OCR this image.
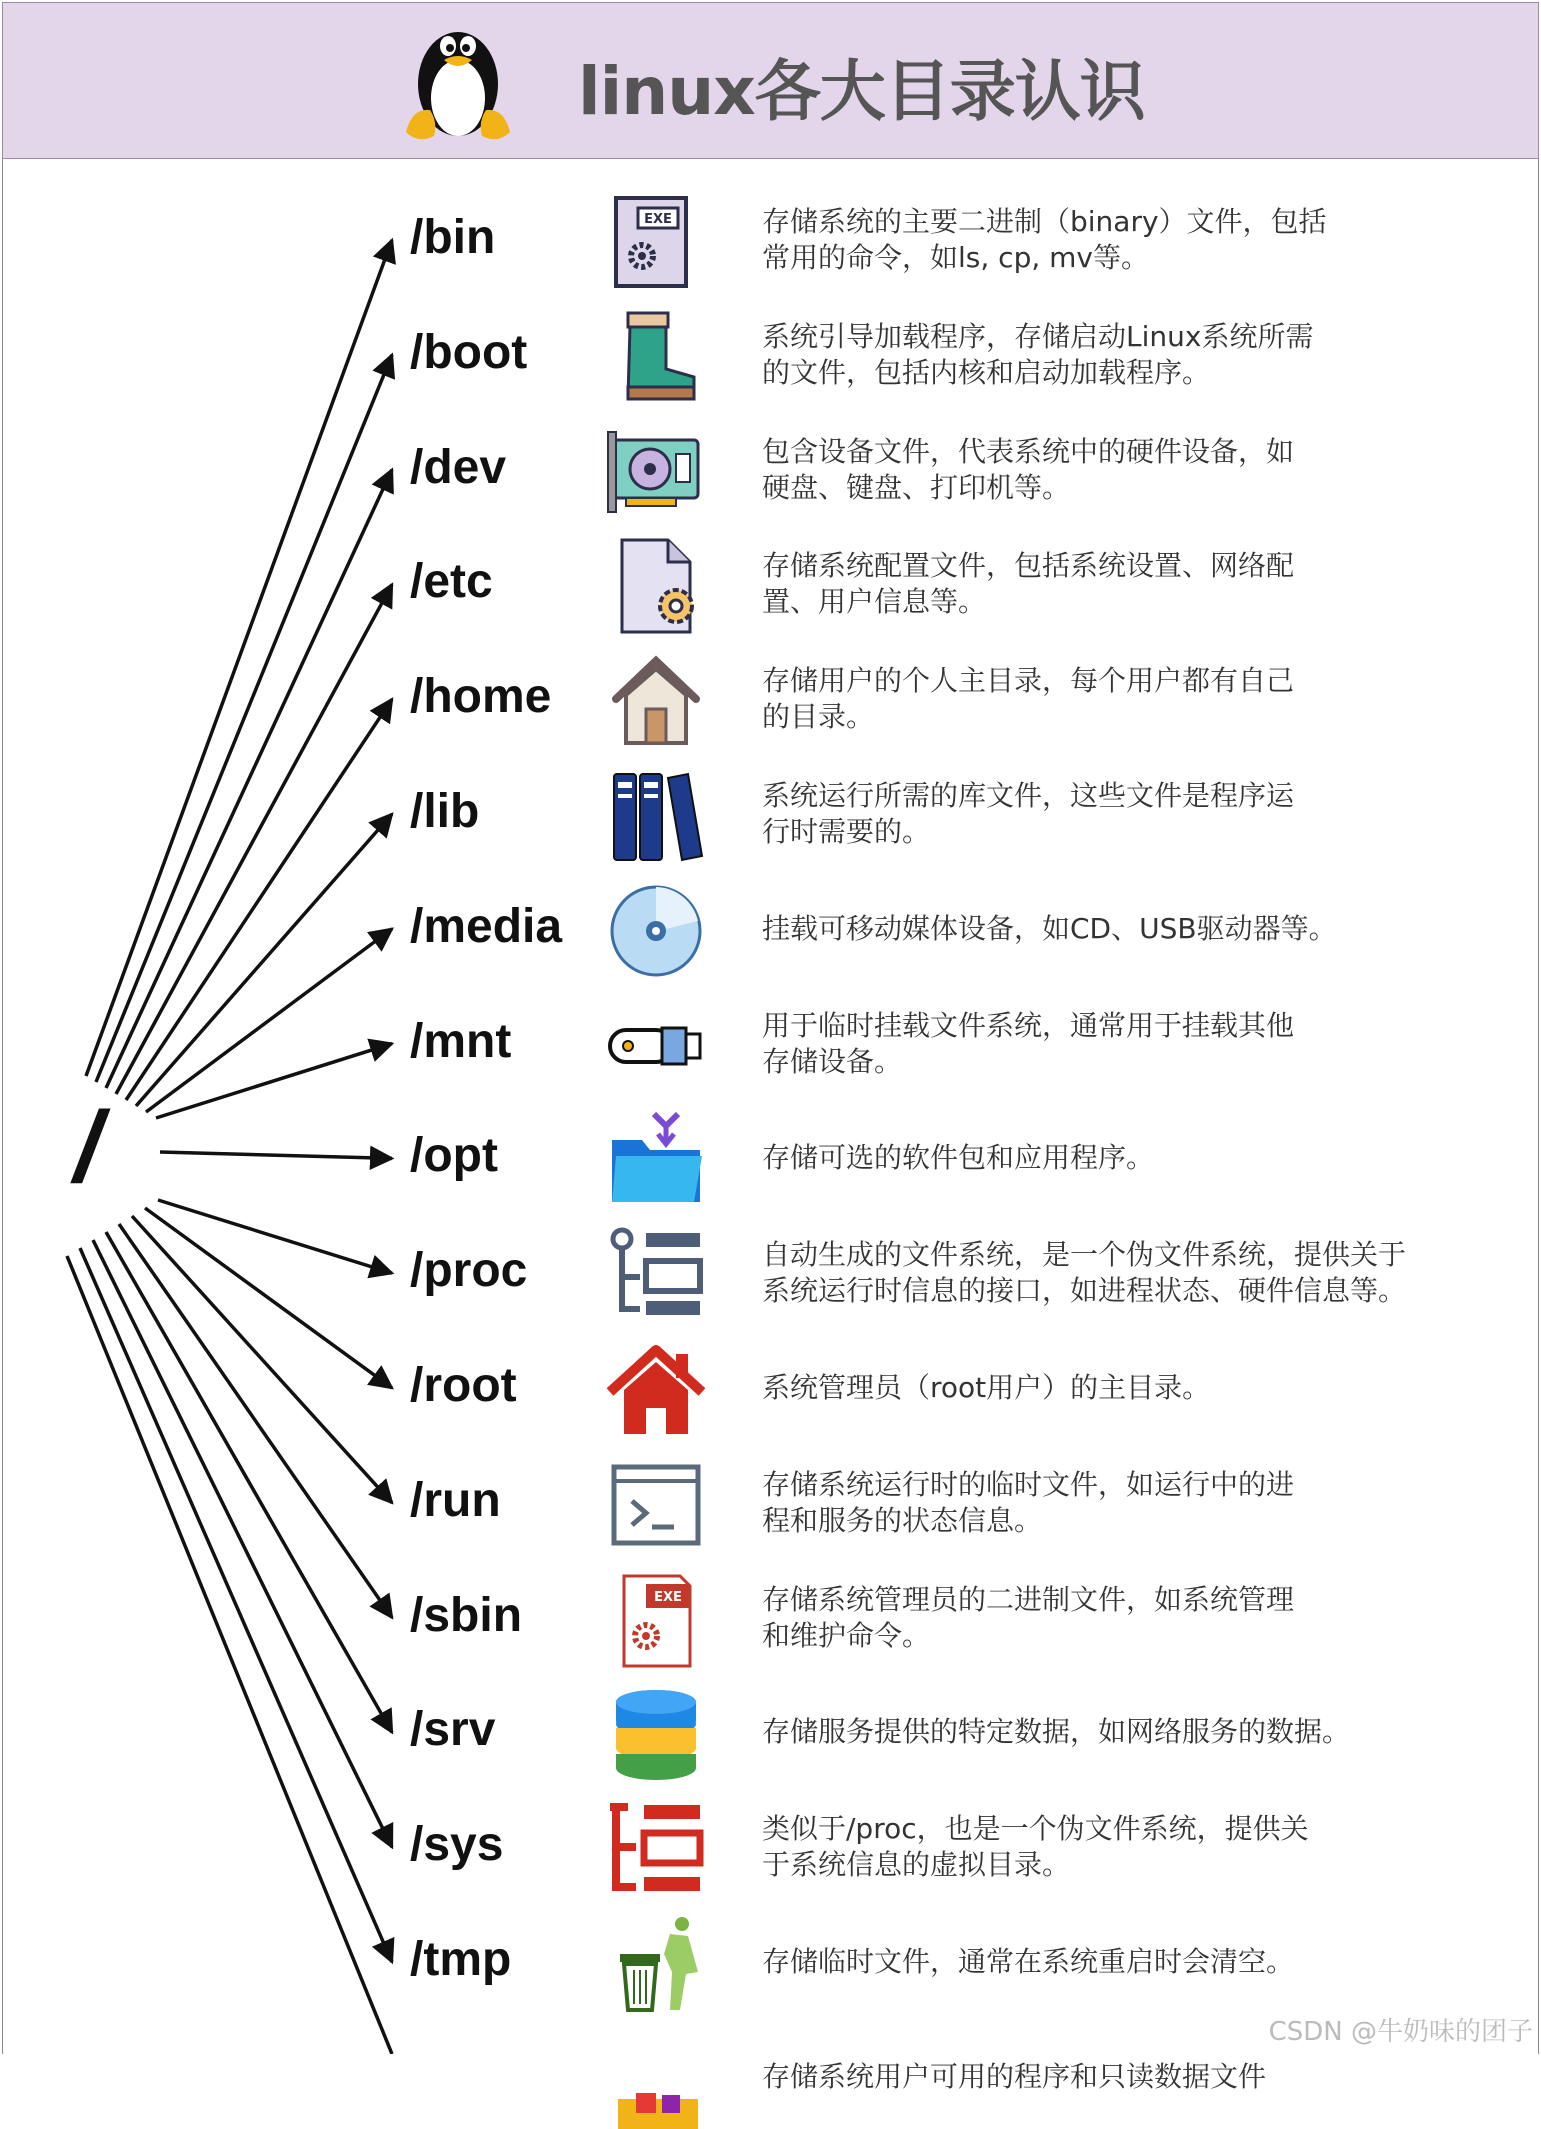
linux各大目录认识
/
/bin	EXE	存储系统的主要二进制（binary）文件，包括
常用的命令，如ls, cp, mv等。
/boot	系统引导加载程序，存储启动Linux系统所需
的文件，包括内核和启动加载程序。
/dev	包含设备文件，代表系统中的硬件设备，如
硬盘、键盘、打印机等。
/etc	存储系统配置文件，包括系统设置、网络配
置、用户信息等。
/home	存储用户的个人主目录，每个用户都有自己
的目录。
/lib	系统运行所需的库文件，这些文件是程序运
行时需要的。
/media	挂载可移动媒体设备，如CD、USB驱动器等。
/mnt	用于临时挂载文件系统，通常用于挂载其他
存储设备。
/opt	存储可选的软件包和应用程序。
/proc	自动生成的文件系统，是一个伪文件系统，提供关于
系统运行时信息的接口，如进程状态、硬件信息等。
/root	系统管理员（root用户）的主目录。
/run	存储系统运行时的临时文件，如运行中的进
程和服务的状态信息。
/sbin	EXE	存储系统管理员的二进制文件，如系统管理
和维护命令。
/srv	存储服务提供的特定数据，如网络服务的数据。
/sys	类似于/proc，也是一个伪文件系统，提供关
于系统信息的虚拟目录。
/tmp	存储临时文件，通常在系统重启时会清空。
存储系统用户可用的程序和只读数据文件
CSDN @牛奶味的团子
